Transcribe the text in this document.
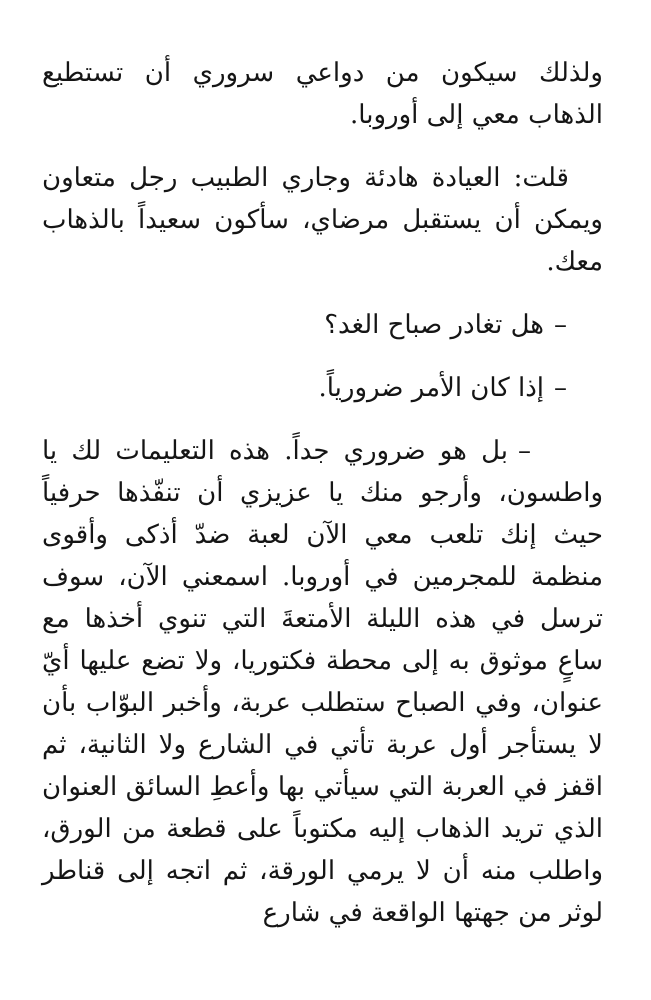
ولذلك سيكون من دواعي سروري أن تستطيع الذهاب معي إلى أوروبا.

قلت: العيادة هادئة وجاري الطبيب رجل متعاون ويمكن أن يستقبل مرضاي، سأكون سعيداً بالذهاب معك.

–هل تغادر صباح الغد؟
–إذا كان الأمر ضرورياً.

–بل هو ضروري جداً. هذه التعليمات لك يا واطسون، وأرجو منك يا عزيزي أن تنفّذها حرفياً حيث إنك تلعب معي الآن لعبة ضدّ أذكى وأقوى منظمة للمجرمين في أوروبا. اسمعني الآن، سوف ترسل في هذه الليلة الأمتعةَ التي تنوي أخذها مع ساعٍ موثوق به إلى محطة فكتوريا، ولا تضع عليها أيّ عنوان، وفي الصباح ستطلب عربة، وأخبر البوّاب بأن لا يستأجر أول عربة تأتي في الشارع ولا الثانية، ثم اقفز في العربة التي سيأتي بها وأعطِ السائق العنوان الذي تريد الذهاب إليه مكتوباً على قطعة من الورق، واطلب منه أن لا يرمي الورقة، ثم اتجه إلى قناطر لوثر من جهتها الواقعة في شارع
